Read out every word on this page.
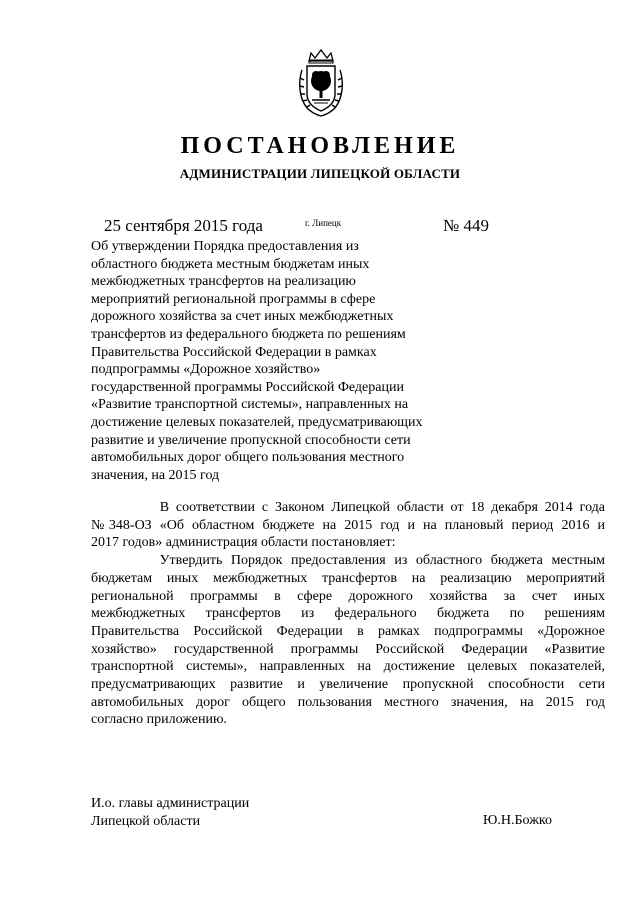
ПОСТАНОВЛЕНИЕ
АДМИНИСТРАЦИИ ЛИПЕЦКОЙ ОБЛАСТИ
25 сентября 2015 года	г. Липецк	№ 449
Об утверждении Порядка предоставления из
областного бюджета местным бюджетам иных
межбюджетных трансфертов на реализацию
мероприятий региональной программы в сфере
дорожного хозяйства за счет иных межбюджетных
трансфертов из федерального бюджета по решениям
Правительства Российской Федерации в рамках
подпрограммы «Дорожное хозяйство»
государственной программы Российской Федерации
«Развитие транспортной системы», направленных на
достижение целевых показателей, предусматривающих
развитие и увеличение пропускной способности сети
автомобильных дорог общего пользования местного
значения, на 2015 год
В соответствии с Законом Липецкой области от 18 декабря 2014 года
№348-ОЗ «Об областном бюджете на 2015 год и на плановый период 2016 и
2017 годов» администрация области постановляет:
Утвердить Порядок предоставления из областного бюджета местным
бюджетам иных межбюджетных трансфертов на реализацию мероприятий
региональной программы в сфере дорожного хозяйства за счет иных
межбюджетных трансфертов из федерального бюджета по решениям
Правительства Российской Федерации в рамках подпрограммы «Дорожное
хозяйство» государственной программы Российской Федерации «Развитие
транспортной системы», направленных на достижение целевых показателей,
предусматривающих развитие и увеличение пропускной способности сети
автомобильных дорог общего пользования местного значения, на 2015 год
согласно приложению.
И.о. главы администрации
Липецкой области	Ю.Н.Божко
